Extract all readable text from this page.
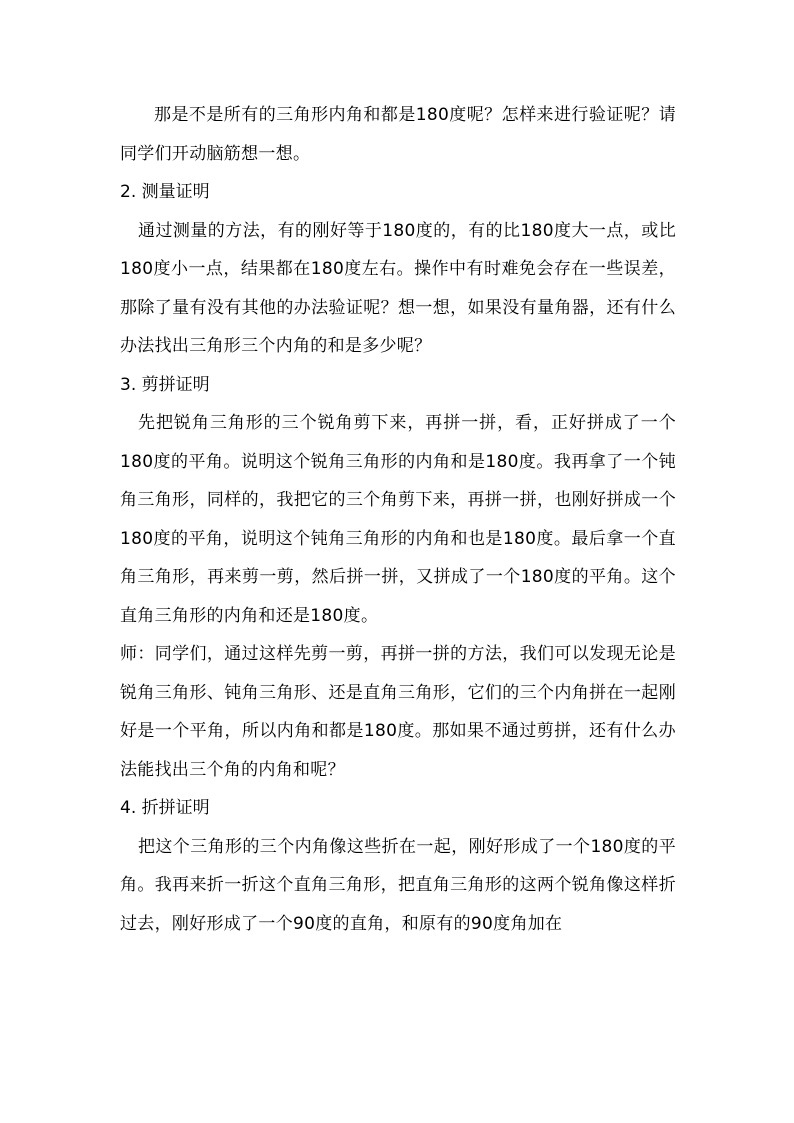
那是不是所有的三角形内角和都是180度呢？怎样来进行验证呢？请同学们开动脑筋想一想。

2. 测量证明

通过测量的方法，有的刚好等于180度的，有的比180度大一点，或比180度小一点，结果都在180度左右。操作中有时难免会存在一些误差，那除了量有没有其他的办法验证呢？想一想，如果没有量角器，还有什么办法找出三角形三个内角的和是多少呢？

3. 剪拼证明

先把锐角三角形的三个锐角剪下来，再拼一拼，看，正好拼成了一个180度的平角。说明这个锐角三角形的内角和是180度。我再拿了一个钝角三角形，同样的，我把它的三个角剪下来，再拼一拼，也刚好拼成一个180度的平角，说明这个钝角三角形的内角和也是180度。最后拿一个直角三角形，再来剪一剪，然后拼一拼，又拼成了一个180度的平角。这个直角三角形的内角和还是180度。

师：同学们，通过这样先剪一剪，再拼一拼的方法，我们可以发现无论是锐角三角形、钝角三角形、还是直角三角形，它们的三个内角拼在一起刚好是一个平角，所以内角和都是180度。那如果不通过剪拼，还有什么办法能找出三个角的内角和呢？

4. 折拼证明

把这个三角形的三个内角像这些折在一起，刚好形成了一个180度的平角。我再来折一折这个直角三角形，把直角三角形的这两个锐角像这样折过去，刚好形成了一个90度的直角，和原有的90度角加在
